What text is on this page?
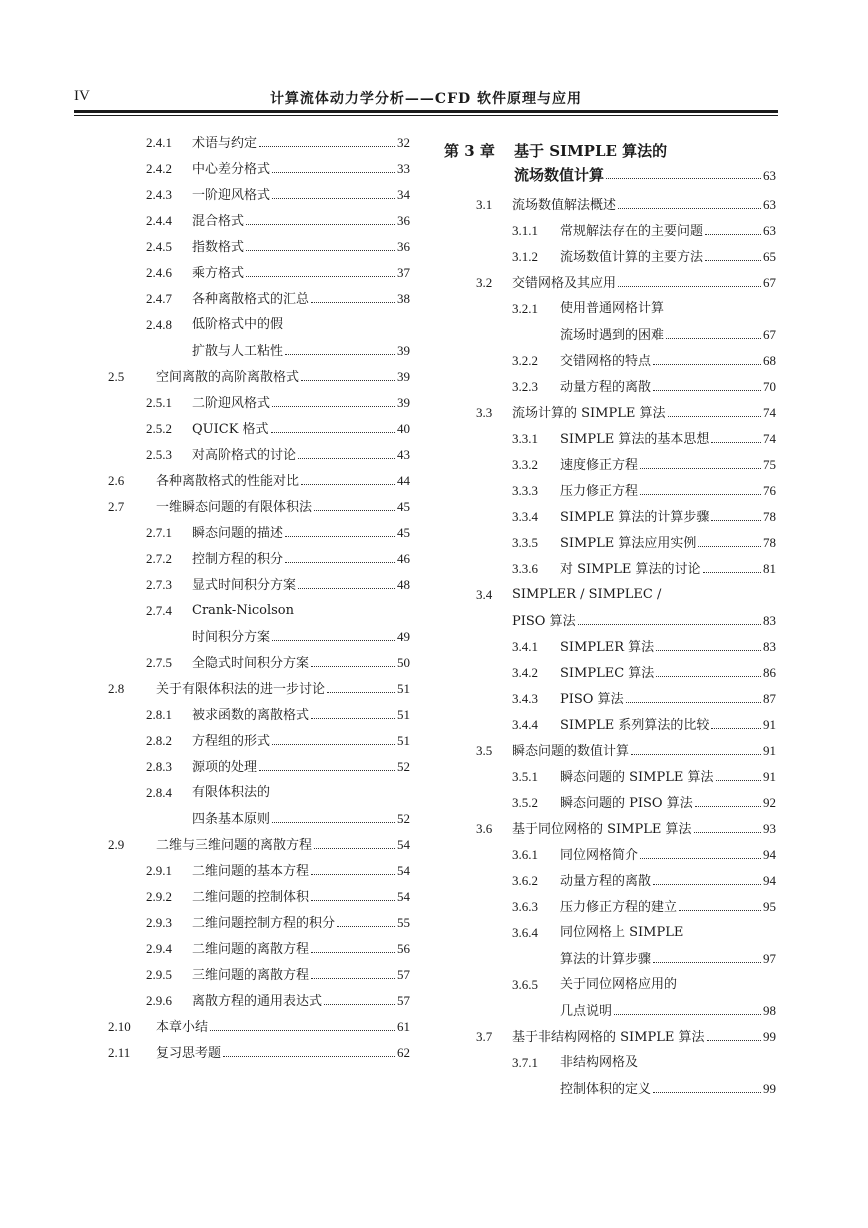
IV	计算流体动力学分析——CFD 软件原理与应用
2.4.1 术语与约定	32
2.4.2 中心差分格式	33
2.4.3 一阶迎风格式	34
2.4.4 混合格式	36
2.4.5 指数格式	36
2.4.6 乘方格式	37
2.4.7 各种离散格式的汇总	38
2.4.8 低阶格式中的假
扩散与人工粘性	39
2.5 空间离散的高阶离散格式	39
2.5.1 二阶迎风格式	39
2.5.2 QUICK 格式	40
2.5.3 对高阶格式的讨论	43
2.6 各种离散格式的性能对比	44
2.7 一维瞬态问题的有限体积法	45
2.7.1 瞬态问题的描述	45
2.7.2 控制方程的积分	46
2.7.3 显式时间积分方案	48
2.7.4 Crank-Nicolson
时间积分方案	49
2.7.5 全隐式时间积分方案	50
2.8 关于有限体积法的进一步讨论	51
2.8.1 被求函数的离散格式	51
2.8.2 方程组的形式	51
2.8.3 源项的处理	52
2.8.4 有限体积法的
四条基本原则	52
2.9 二维与三维问题的离散方程	54
2.9.1 二维问题的基本方程	54
2.9.2 二维问题的控制体积	54
2.9.3 二维问题控制方程的积分	55
2.9.4 二维问题的离散方程	56
2.9.5 三维问题的离散方程	57
2.9.6 离散方程的通用表达式	57
2.10 本章小结	61
2.11 复习思考题	62
第 3 章 基于 SIMPLE 算法的
流场数值计算	63
3.1 流场数值解法概述	63
3.1.1 常规解法存在的主要问题	63
3.1.2 流场数值计算的主要方法	65
3.2 交错网格及其应用	67
3.2.1 使用普通网格计算
流场时遇到的困难	67
3.2.2 交错网格的特点	68
3.2.3 动量方程的离散	70
3.3 流场计算的 SIMPLE 算法	74
3.3.1 SIMPLE 算法的基本思想	74
3.3.2 速度修正方程	75
3.3.3 压力修正方程	76
3.3.4 SIMPLE 算法的计算步骤	78
3.3.5 SIMPLE 算法应用实例	78
3.3.6 对 SIMPLE 算法的讨论	81
3.4 SIMPLER / SIMPLEC /
PISO 算法	83
3.4.1 SIMPLER 算法	83
3.4.2 SIMPLEC 算法	86
3.4.3 PISO 算法	87
3.4.4 SIMPLE 系列算法的比较	91
3.5 瞬态问题的数值计算	91
3.5.1 瞬态问题的 SIMPLE 算法	91
3.5.2 瞬态问题的 PISO 算法	92
3.6 基于同位网格的 SIMPLE 算法	93
3.6.1 同位网格简介	94
3.6.2 动量方程的离散	94
3.6.3 压力修正方程的建立	95
3.6.4 同位网格上 SIMPLE
算法的计算步骤	97
3.6.5 关于同位网格应用的
几点说明	98
3.7 基于非结构网格的 SIMPLE 算法	99
3.7.1 非结构网格及
控制体积的定义	99
